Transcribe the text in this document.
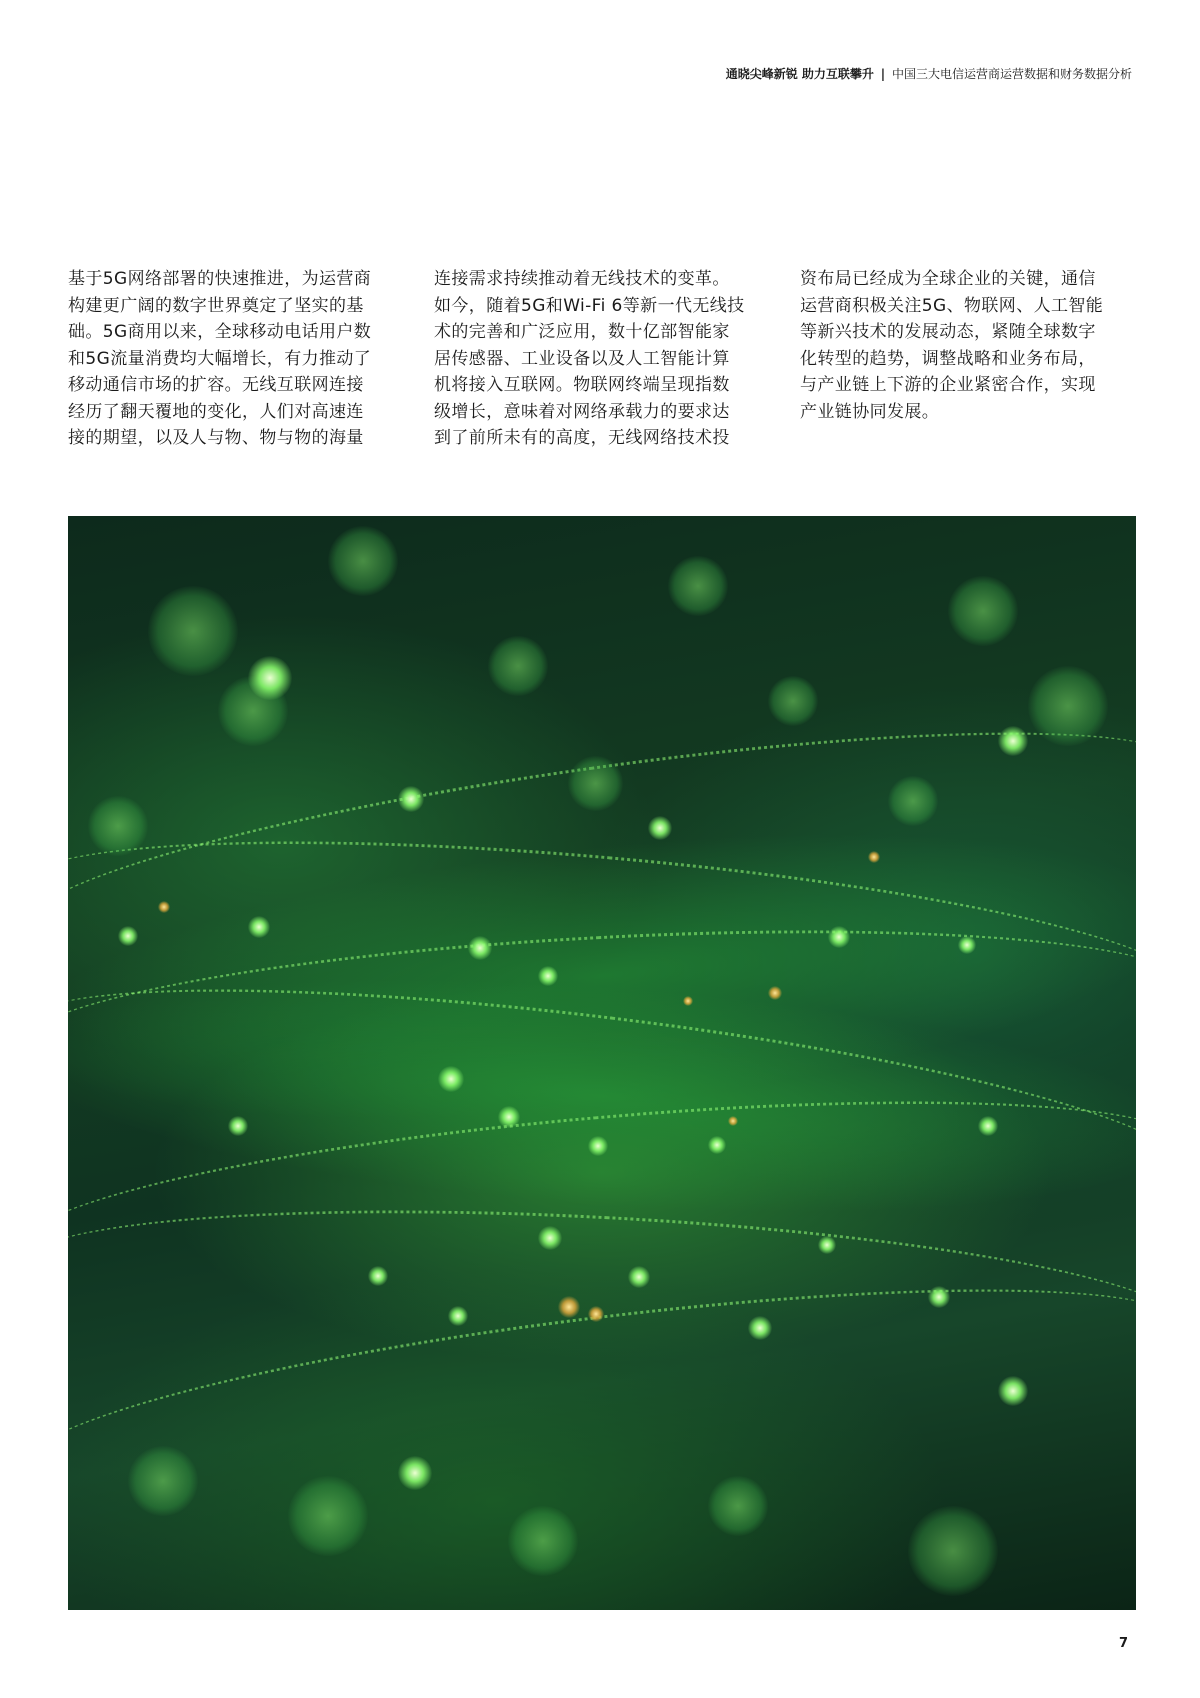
通晓尖峰新锐 助力互联攀升 | 中国三大电信运营商运营数据和财务数据分析
基于5G网络部署的快速推进，为运营商
构建更广阔的数字世界奠定了坚实的基
础。5G商用以来，全球移动电话用户数
和5G流量消费均大幅增长，有力推动了
移动通信市场的扩容。无线互联网连接
经历了翻天覆地的变化，人们对高速连
接的期望，以及人与物、物与物的海量
连接需求持续推动着无线技术的变革。
如今，随着5G和Wi-Fi 6等新一代无线技
术的完善和广泛应用，数十亿部智能家
居传感器、工业设备以及人工智能计算
机将接入互联网。物联网终端呈现指数
级增长，意味着对网络承载力的要求达
到了前所未有的高度，无线网络技术投
资布局已经成为全球企业的关键，通信
运营商积极关注5G、物联网、人工智能
等新兴技术的发展动态，紧随全球数字
化转型的趋势，调整战略和业务布局，
与产业链上下游的企业紧密合作，实现
产业链协同发展。
7
